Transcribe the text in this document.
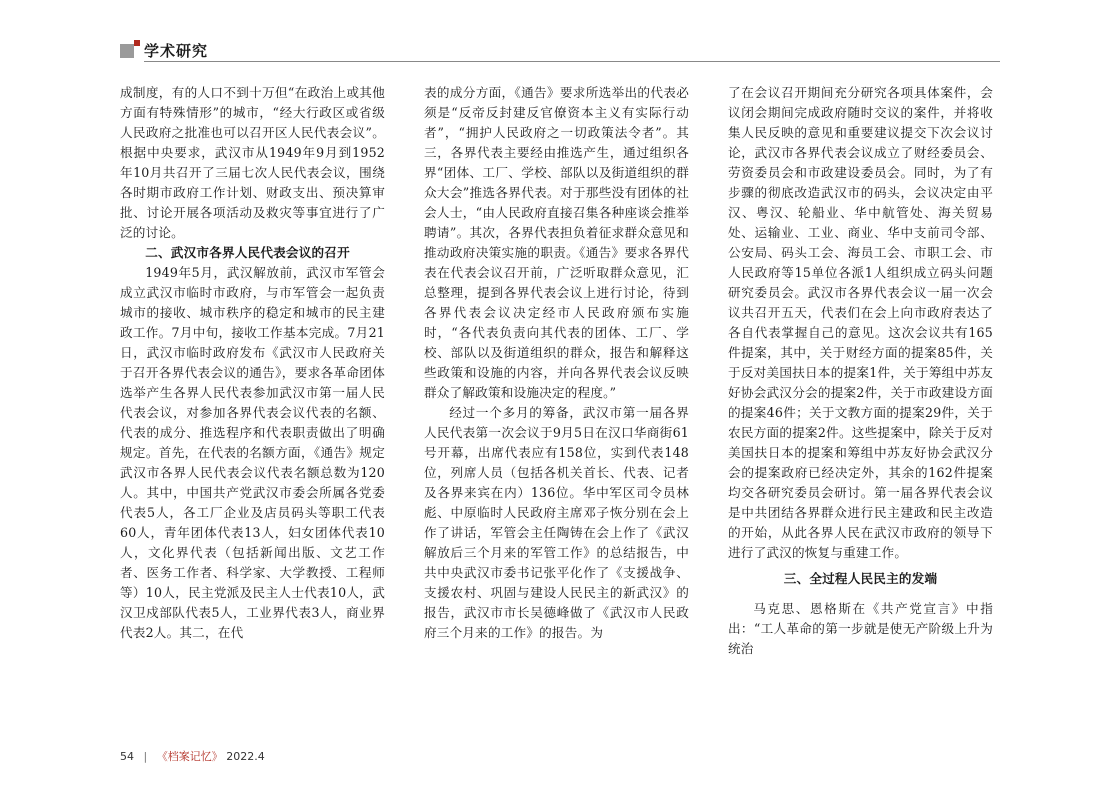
学术研究

成制度，有的人口不到十万但“在政治上或其他方面有特殊情形”的城市，“经大行政区或省级人民政府之批准也可以召开区人民代表会议”。根据中央要求，武汉市从1949年9月到1952年10月共召开了三届七次人民代表会议，围绕各时期市政府工作计划、财政支出、预决算审批、讨论开展各项活动及救灾等事宜进行了广泛的讨论。

二、武汉市各界人民代表会议的召开

1949年5月，武汉解放前，武汉市军管会成立武汉市临时市政府，与市军管会一起负责城市的接收、城市秩序的稳定和城市的民主建政工作。7月中旬，接收工作基本完成。7月21日，武汉市临时政府发布《武汉市人民政府关于召开各界代表会议的通告》，要求各革命团体选举产生各界人民代表参加武汉市第一届人民代表会议，对参加各界代表会议代表的名额、代表的成分、推选程序和代表职责做出了明确规定。首先，在代表的名额方面，《通告》规定武汉市各界人民代表会议代表名额总数为120人。其中，中国共产党武汉市委会所属各党委代表5人，各工厂企业及店员码头等职工代表60人，青年团体代表13人，妇女团体代表10人，文化界代表（包括新闻出版、文艺工作者、医务工作者、科学家、大学教授、工程师等）10人，民主党派及民主人士代表10人，武汉卫戍部队代表5人，工业界代表3人，商业界代表2人。其二，在代

表的成分方面，《通告》要求所选举出的代表必须是“反帝反封建反官僚资本主义有实际行动者”，“拥护人民政府之一切政策法令者”。其三，各界代表主要经由推选产生，通过组织各界“团体、工厂、学校、部队以及街道组织的群众大会”推选各界代表。对于那些没有团体的社会人士，“由人民政府直接召集各种座谈会推举聘请”。其次，各界代表担负着征求群众意见和推动政府决策实施的职责。《通告》要求各界代表在代表会议召开前，广泛听取群众意见，汇总整理，提到各界代表会议上进行讨论，待到各界代表会议决定经市人民政府颁布实施时，“各代表负责向其代表的团体、工厂、学校、部队以及街道组织的群众，报告和解释这些政策和设施的内容，并向各界代表会议反映群众了解政策和设施决定的程度。”

经过一个多月的筹备，武汉市第一届各界人民代表第一次会议于9月5日在汉口华商街61号开幕，出席代表应有158位，实到代表148位，列席人员（包括各机关首长、代表、记者及各界来宾在内）136位。华中军区司令员林彪、中原临时人民政府主席邓子恢分别在会上作了讲话，军管会主任陶铸在会上作了《武汉解放后三个月来的军管工作》的总结报告，中共中央武汉市委书记张平化作了《支援战争、支援农村、巩固与建设人民民主的新武汉》的报告，武汉市市长吴德峰做了《武汉市人民政府三个月来的工作》的报告。为

了在会议召开期间充分研究各项具体案件，会议闭会期间完成政府随时交议的案件，并将收集人民反映的意见和重要建议提交下次会议讨论，武汉市各界代表会议成立了财经委员会、劳资委员会和市政建设委员会。同时，为了有步骤的彻底改造武汉市的码头，会议决定由平汉、粤汉、轮船业、华中航管处、海关贸易处、运输业、工业、商业、华中支前司令部、公安局、码头工会、海员工会、市职工会、市人民政府等15单位各派1人组织成立码头问题研究委员会。武汉市各界代表会议一届一次会议共召开五天，代表们在会上向市政府表达了各自代表掌握自己的意见。这次会议共有165件提案，其中，关于财经方面的提案85件，关于反对美国扶日本的提案1件，关于筹组中苏友好协会武汉分会的提案2件，关于市政建设方面的提案46件；关于文教方面的提案29件，关于农民方面的提案2件。这些提案中，除关于反对美国扶日本的提案和筹组中苏友好协会武汉分会的提案政府已经决定外，其余的162件提案均交各研究委员会研讨。第一届各界代表会议是中共团结各界群众进行民主建政和民主改造的开始，从此各界人民在武汉市政府的领导下进行了武汉的恢复与重建工作。

三、全过程人民民主的发端

马克思、恩格斯在《共产党宣言》中指出：“工人革命的第一步就是使无产阶级上升为统治

54 | 《档案记忆》 2022.4
